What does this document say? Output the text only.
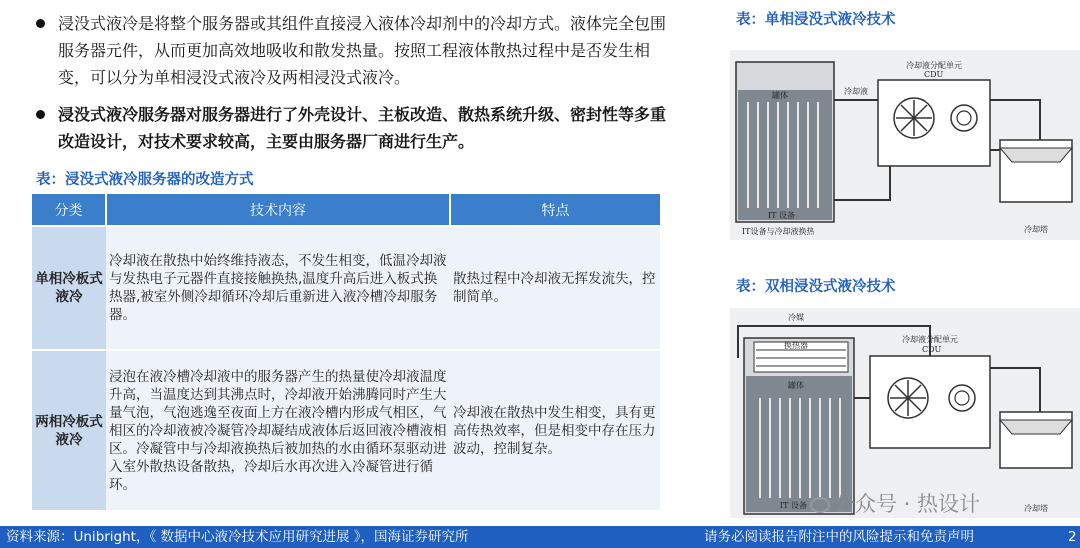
浸没式液冷是将整个服务器或其组件直接浸入液体冷却剂中的冷却方式。液体完全包围服务器元件，从而更加高效地吸收和散发热量。按照工程液体散热过程中是否发生相变，可以分为单相浸没式液冷及两相浸没式液冷。
浸没式液冷服务器对服务器进行了外壳设计、主板改造、散热系统升级、密封性等多重改造设计，对技术要求较高，主要由服务器厂商进行生产。
表：浸没式液冷服务器的改造方式
分类	技术内容	特点
单相冷板式液冷	冷却液在散热中始终维持液态，不发生相变，低温冷却液与发热电子元器件直接接触换热,温度升高后进入板式换热器,被室外侧冷却循环冷却后重新进入液冷槽冷却服务器。	散热过程中冷却液无挥发流失，控制简单。
两相冷板式液冷	浸泡在液冷槽冷却液中的服务器产生的热量使冷却液温度升高，当温度达到其沸点时，冷却液开始沸腾同时产生大量气泡，气泡逃逸至夜面上方在液冷槽内形成气相区，气相区的冷却液被冷凝管冷却凝结成液体后返回液冷槽液相区。冷凝管中与冷却液换热后被加热的水由循环泵驱动进入室外散热设备散热，冷却后水再次进入冷凝管进行循环。	冷却液在散热中发生相变，具有更高传热效率，但是相变中存在压力波动，控制复杂。
表：单相浸没式液冷技术
罐体
IT 设备
冷却液分配单元
CDU
冷却液
IT设备与冷却液换热	冷却塔
表：双相浸没式液冷技术
换热器
冷媒
罐体
IT 设备
冷却液分配单元
CDU
冷却塔
公众号 · 热设计
资料来源：Unibright，《 数据中心液冷技术应用研究进展 》，国海证券研究所	请务必阅读报告附注中的风险提示和免责声明	2
